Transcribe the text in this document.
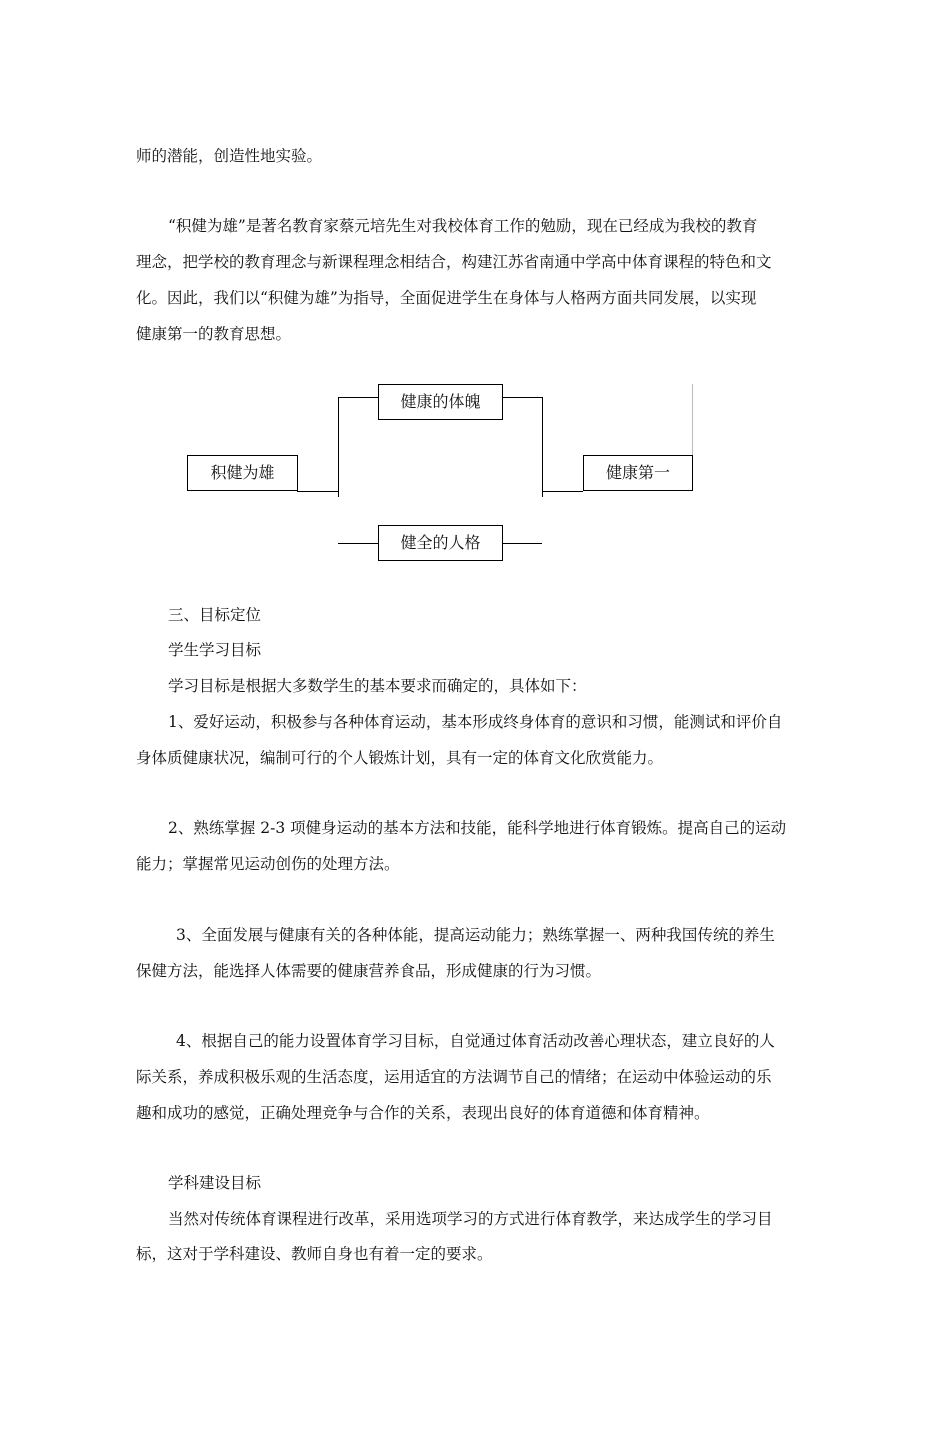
师的潜能，创造性地实验。
“积健为雄”是著名教育家蔡元培先生对我校体育工作的勉励，现在已经成为我校的教育
理念，把学校的教育理念与新课程理念相结合，构建江苏省南通中学高中体育课程的特色和文
化。因此，我们以“积健为雄”为指导，全面促进学生在身体与人格两方面共同发展，以实现
健康第一的教育思想。
积健为雄
健康的体魄
健全的人格
健康第一
三、目标定位
学生学习目标
学习目标是根据大多数学生的基本要求而确定的，具体如下：
1、爱好运动，积极参与各种体育运动，基本形成终身体育的意识和习惯，能测试和评价自
身体质健康状况，编制可行的个人锻炼计划，具有一定的体育文化欣赏能力。
2、熟练掌握 2-3 项健身运动的基本方法和技能，能科学地进行体育锻炼。提高自己的运动
能力；掌握常见运动创伤的处理方法。
3、全面发展与健康有关的各种体能，提高运动能力；熟练掌握一、两种我国传统的养生
保健方法，能选择人体需要的健康营养食品，形成健康的行为习惯。
4、根据自己的能力设置体育学习目标，自觉通过体育活动改善心理状态，建立良好的人
际关系，养成积极乐观的生活态度，运用适宜的方法调节自己的情绪；在运动中体验运动的乐
趣和成功的感觉，正确处理竞争与合作的关系，表现出良好的体育道德和体育精神。
学科建设目标
当然对传统体育课程进行改革，采用选项学习的方式进行体育教学，来达成学生的学习目
标，这对于学科建设、教师自身也有着一定的要求。
